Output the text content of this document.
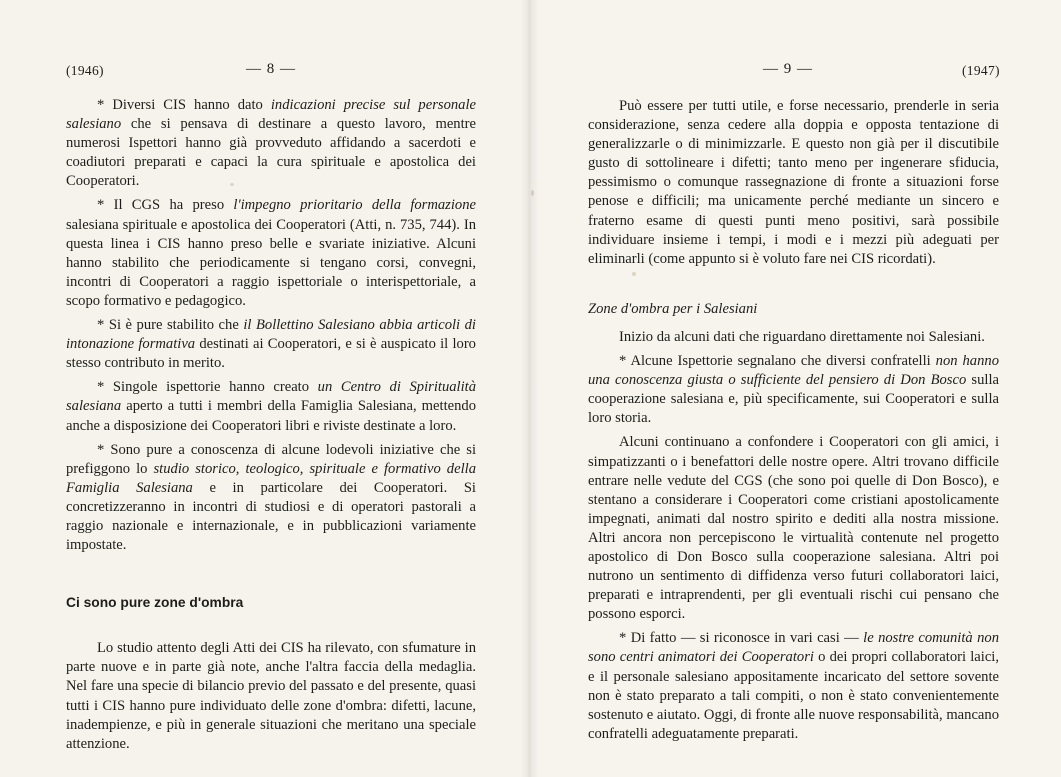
(1946)	— 8 —

* Diversi CIS hanno dato indicazioni precise sul personale salesiano che si pensava di destinare a questo lavoro, mentre numerosi Ispettori hanno già provveduto affidando a sacerdoti e coadiutori preparati e capaci la cura spirituale e apostolica dei Cooperatori.

* Il CGS ha preso l'impegno prioritario della formazione salesiana spirituale e apostolica dei Cooperatori (Atti, n. 735, 744). In questa linea i CIS hanno preso belle e svariate iniziative. Alcuni hanno stabilito che periodicamente si tengano corsi, convegni, incontri di Cooperatori a raggio ispettoriale o interispettoriale, a scopo formativo e pedagogico.

* Si è pure stabilito che il Bollettino Salesiano abbia articoli di intonazione formativa destinati ai Cooperatori, e si è auspicato il loro stesso contributo in merito.

* Singole ispettorie hanno creato un Centro di Spiritualità salesiana aperto a tutti i membri della Famiglia Salesiana, mettendo anche a disposizione dei Cooperatori libri e riviste destinate a loro.

* Sono pure a conoscenza di alcune lodevoli iniziative che si prefiggono lo studio storico, teologico, spirituale e formativo della Famiglia Salesiana e in particolare dei Cooperatori. Si concretizzeranno in incontri di studiosi e di operatori pastorali a raggio nazionale e internazionale, e in pubblicazioni variamente impostate.

Ci sono pure zone d'ombra

Lo studio attento degli Atti dei CIS ha rilevato, con sfumature in parte nuove e in parte già note, anche l'altra faccia della medaglia. Nel fare una specie di bilancio previo del passato e del presente, quasi tutti i CIS hanno pure individuato delle zone d'ombra: difetti, lacune, inadempienze, e più in generale situazioni che meritano una speciale attenzione.

— 9 —	(1947)

Può essere per tutti utile, e forse necessario, prenderle in seria considerazione, senza cedere alla doppia e opposta tentazione di generalizzarle o di minimizzarle. E questo non già per il discutibile gusto di sottolineare i difetti; tanto meno per ingenerare sfiducia, pessimismo o comunque rassegnazione di fronte a situazioni forse penose e difficili; ma unicamente perché mediante un sincero e fraterno esame di questi punti meno positivi, sarà possibile individuare insieme i tempi, i modi e i mezzi più adeguati per eliminarli (come appunto si è voluto fare nei CIS ricordati).

Zone d'ombra per i Salesiani

Inizio da alcuni dati che riguardano direttamente noi Salesiani.

* Alcune Ispettorie segnalano che diversi confratelli non hanno una conoscenza giusta o sufficiente del pensiero di Don Bosco sulla cooperazione salesiana e, più specificamente, sui Cooperatori e sulla loro storia.

Alcuni continuano a confondere i Cooperatori con gli amici, i simpatizzanti o i benefattori delle nostre opere. Altri trovano difficile entrare nelle vedute del CGS (che sono poi quelle di Don Bosco), e stentano a considerare i Cooperatori come cristiani apostolicamente impegnati, animati dal nostro spirito e dediti alla nostra missione. Altri ancora non percepiscono le virtualità contenute nel progetto apostolico di Don Bosco sulla cooperazione salesiana. Altri poi nutrono un sentimento di diffidenza verso futuri collaboratori laici, preparati e intraprendenti, per gli eventuali rischi cui pensano che possono esporci.

* Di fatto — si riconosce in vari casi — le nostre comunità non sono centri animatori dei Cooperatori o dei propri collaboratori laici, e il personale salesiano appositamente incaricato del settore sovente non è stato preparato a tali compiti, o non è stato convenientemente sostenuto e aiutato. Oggi, di fronte alle nuove responsabilità, mancano confratelli adeguatamente preparati.
